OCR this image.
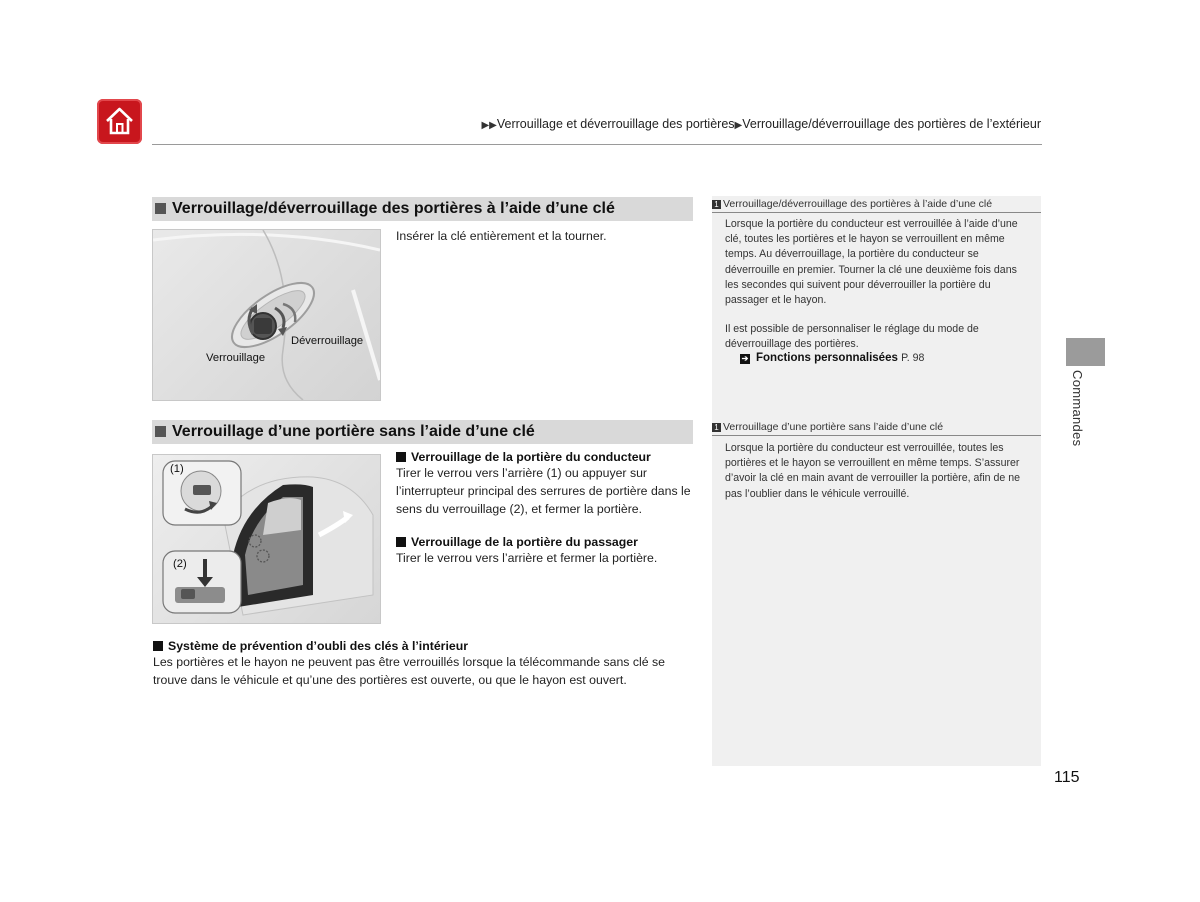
▶▶Verrouillage et déverrouillage des portières▶Verrouillage/déverrouillage des portières de l’extérieur
Verrouillage/déverrouillage des portières à l’aide d’une clé
Déverrouillage
Verrouillage
Insérer la clé entièrement et la tourner.
Verrouillage d’une portière sans l’aide d’une clé
(1)
(2)
Verrouillage de la portière du conducteur
Tirer le verrou vers l’arrière (1) ou appuyer sur l’interrupteur principal des serrures de portière dans le sens du verrouillage (2), et fermer la portière.
Verrouillage de la portière du passager
Tirer le verrou vers l’arrière et fermer la portière.
Système de prévention d’oubli des clés à l’intérieur
Les portières et le hayon ne peuvent pas être verrouillés lorsque la télécommande sans clé se trouve dans le véhicule et qu’une des portières est ouverte, ou que le hayon est ouvert.
1 Verrouillage/déverrouillage des portières à l’aide d’une clé
Lorsque la portière du conducteur est verrouillée à l’aide d’une clé, toutes les portières et le hayon se verrouillent en même temps. Au déverrouillage, la portière du conducteur se déverrouille en premier. Tourner la clé une deuxième fois dans les secondes qui suivent pour déverrouiller la portière du passager et le hayon.
Il est possible de personnaliser le réglage du mode de déverrouillage des portières.
➔ Fonctions personnalisées P. 98
1 Verrouillage d’une portière sans l’aide d’une clé
Lorsque la portière du conducteur est verrouillée, toutes les portières et le hayon se verrouillent en même temps. S’assurer d’avoir la clé en main avant de verrouiller la portière, afin de ne pas l’oublier dans le véhicule verrouillé.
Commandes
115
